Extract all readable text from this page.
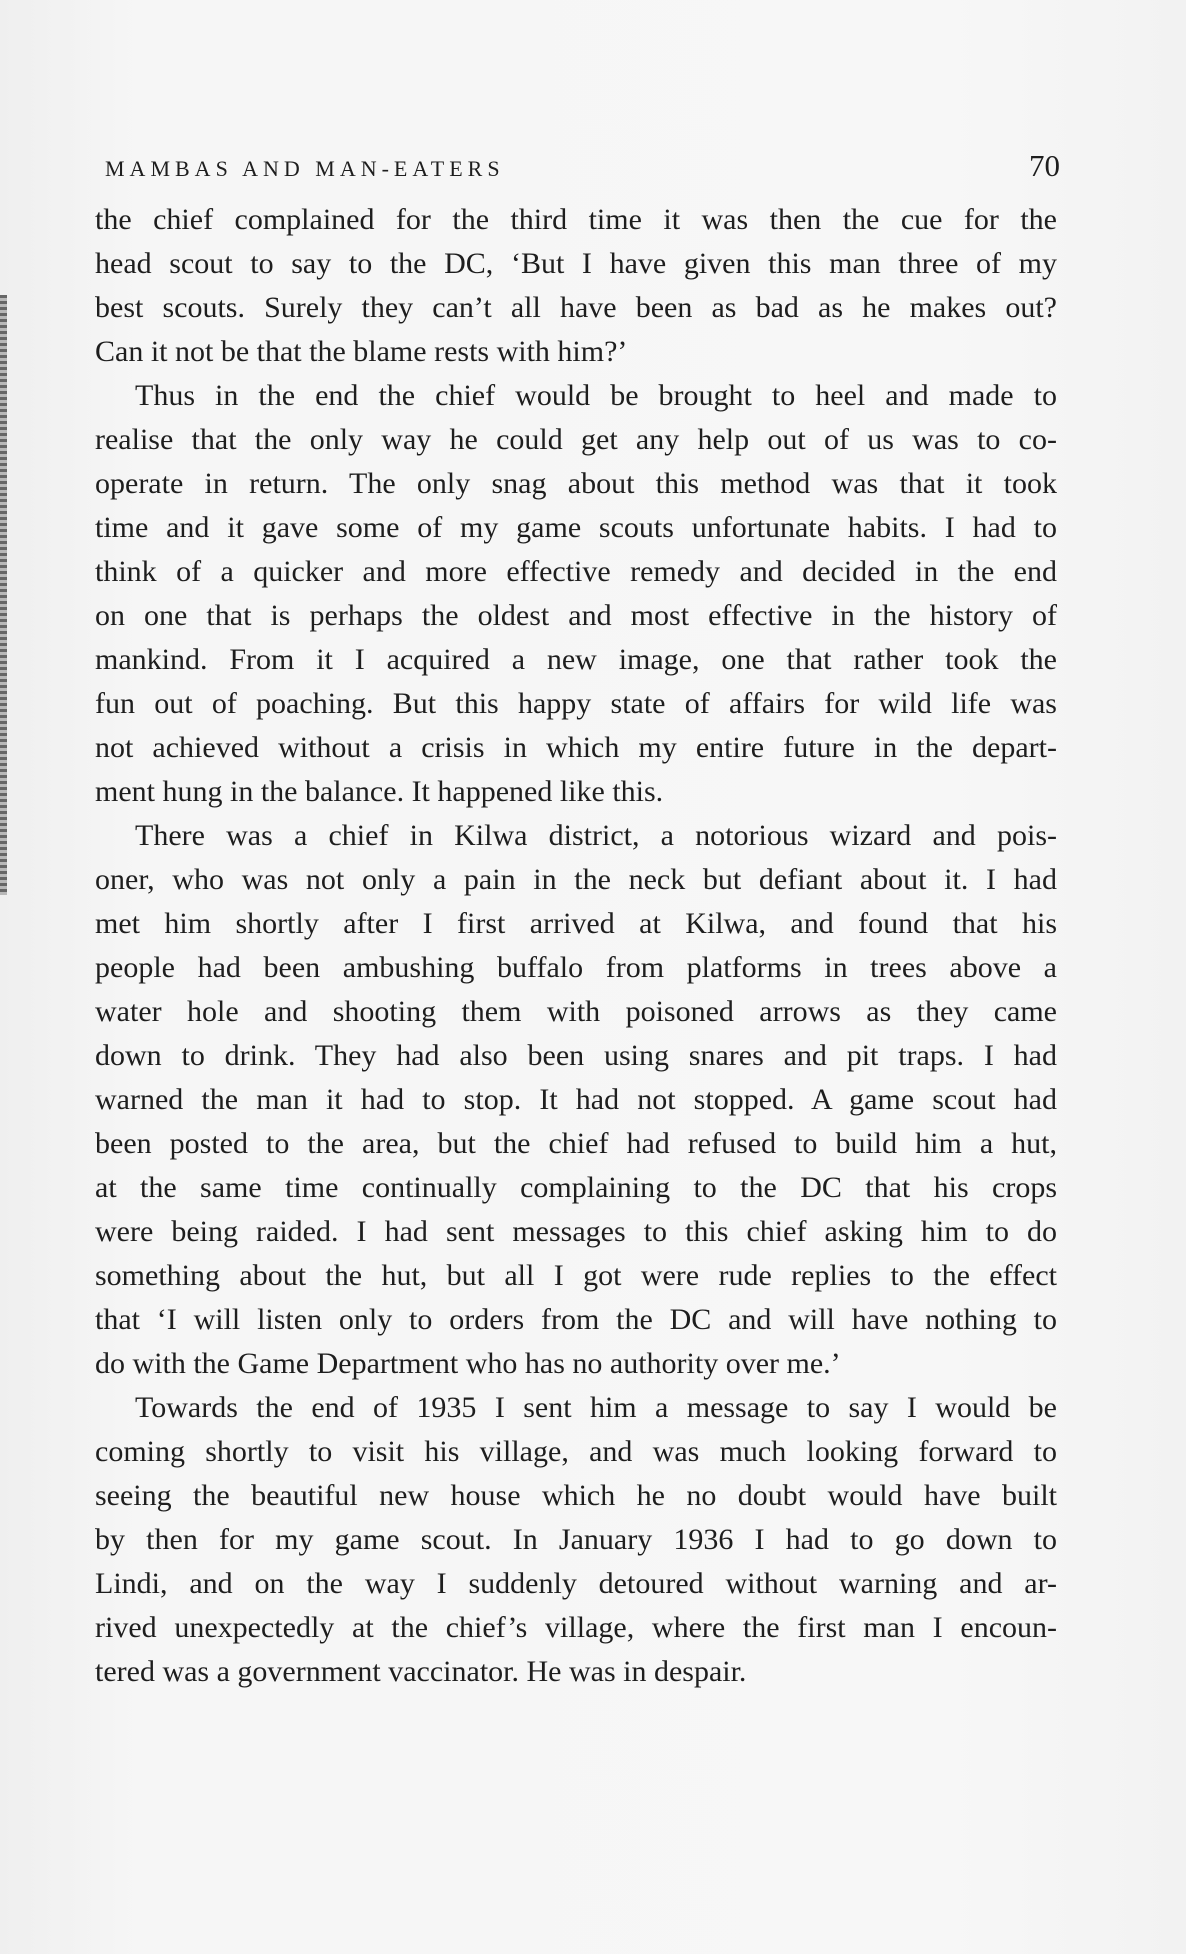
MAMBAS AND MAN-EATERS	70
the chief complained for the third time it was then the cue for the
head scout to say to the DC, ‘But I have given this man three of my
best scouts. Surely they can’t all have been as bad as he makes out?
Can it not be that the blame rests with him?’
Thus in the end the chief would be brought to heel and made to
realise that the only way he could get any help out of us was to co-
operate in return. The only snag about this method was that it took
time and it gave some of my game scouts unfortunate habits. I had to
think of a quicker and more effective remedy and decided in the end
on one that is perhaps the oldest and most effective in the history of
mankind. From it I acquired a new image, one that rather took the
fun out of poaching. But this happy state of affairs for wild life was
not achieved without a crisis in which my entire future in the depart-
ment hung in the balance. It happened like this.
There was a chief in Kilwa district, a notorious wizard and pois-
oner, who was not only a pain in the neck but defiant about it. I had
met him shortly after I first arrived at Kilwa, and found that his
people had been ambushing buffalo from platforms in trees above a
water hole and shooting them with poisoned arrows as they came
down to drink. They had also been using snares and pit traps. I had
warned the man it had to stop. It had not stopped. A game scout had
been posted to the area, but the chief had refused to build him a hut,
at the same time continually complaining to the DC that his crops
were being raided. I had sent messages to this chief asking him to do
something about the hut, but all I got were rude replies to the effect
that ‘I will listen only to orders from the DC and will have nothing to
do with the Game Department who has no authority over me.’
Towards the end of 1935 I sent him a message to say I would be
coming shortly to visit his village, and was much looking forward to
seeing the beautiful new house which he no doubt would have built
by then for my game scout. In January 1936 I had to go down to
Lindi, and on the way I suddenly detoured without warning and ar-
rived unexpectedly at the chief’s village, where the first man I encoun-
tered was a government vaccinator. He was in despair.
